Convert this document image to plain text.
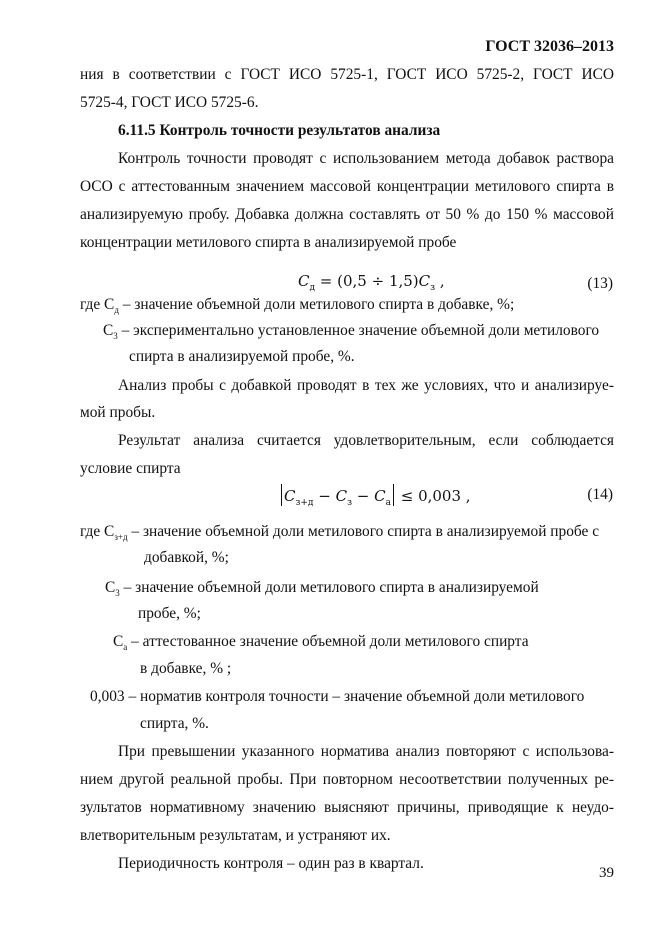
ГОСТ 32036–2013
ния в соответствии с ГОСТ ИСО 5725-1, ГОСТ ИСО 5725-2, ГОСТ ИСО
5725-4, ГОСТ ИСО 5725-6.
6.11.5 Контроль точности результатов анализа
Контроль точности проводят с использованием метода добавок раствора
ОСО с аттестованным значением массовой концентрации метилового спирта в
анализируемую пробу. Добавка должна составлять от 50 % до 150 % массовой
концентрации метилового спирта в анализируемой пробе
$C_д = (0,5 \div 1,5)C_з$ ,	(13)
где $С_д$ – значение объемной доли метилового спирта в добавке, %;
$С_3$ – экспериментально установленное значение объемной доли метилового
спирта в анализируемой пробе, %.
Анализ пробы с добавкой проводят в тех же условиях, что и анализируе-
мой пробы.
Результат анализа считается удовлетворительным, если соблюдается
условие спирта
$C_{з+д} - C_з - C_а \le 0,003$ ,	(14)
где $С_{з+д}$ – значение объемной доли метилового спирта в анализируемой пробе с
добавкой, %;
$С_3$ – значение объемной доли метилового спирта в анализируемой
пробе, %;
$С_а$ – аттестованное значение объемной доли метилового спирта
в добавке, % ;
0,003 – норматив контроля точности – значение объемной доли метилового
спирта, %.
При превышении указанного норматива анализ повторяют с использова-
нием другой реальной пробы. При повторном несоответствии полученных ре-
зультатов нормативному значению выясняют причины, приводящие к неудо-
влетворительным результатам, и устраняют их.
Периодичность контроля – один раз в квартал.
39
